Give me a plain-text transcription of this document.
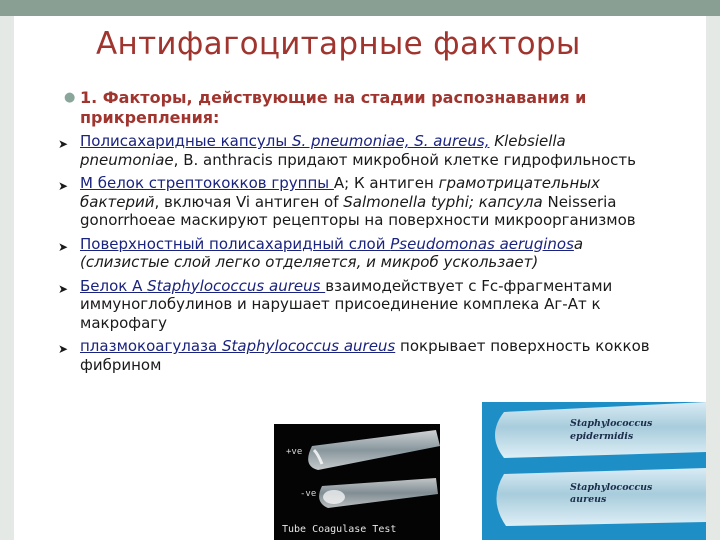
Антифагоцитарные факторы
● 1. Факторы, действующие на стадии распознавания и прикрепления:
➤ Полисахаридные капсулы S. pneumoniae, S. aureus, Klebsiella pneumoniae, B. anthracis придают микробной клетке гидрофильность
➤ М белок стрептококков группы А; К антиген грамотрицательных бактерий, включая Vi антиген of Salmonella typhi; капсула Neisseria gonorrhoeae маскируют рецепторы на поверхности микроорганизмов
➤ Поверхностный полисахаридный слой Pseudomonas aeruginosa (слизистые слой легко отделяется, и микроб ускользает)
➤ Белок А Staphylococcus aureus взаимодействует с Fc-фрагментами иммуноглобулинов и нарушает присоединение комплека Аг-Ат к макрофагу
➤ плазмокоагулаза Staphylococcus aureus покрывает поверхность кокков фибрином
+ve
-ve
Tube Coagulase Test
Staphylococcus
epidermidis
Staphylococcus
aureus
